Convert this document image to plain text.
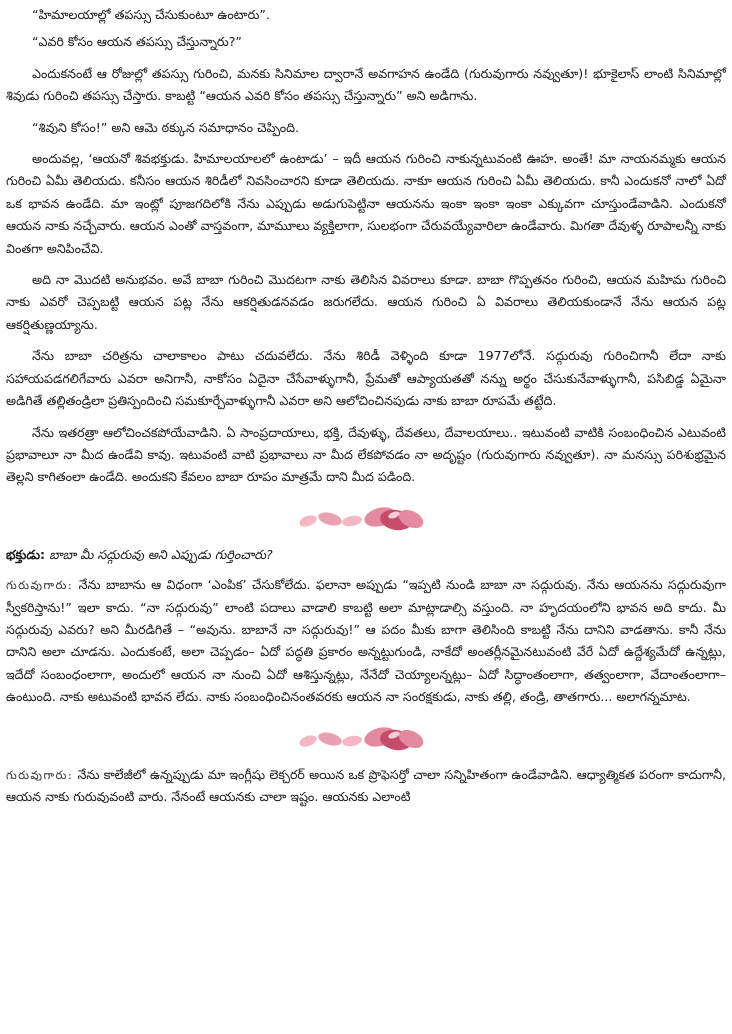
“హిమాలయాల్లో తపస్సు చేసుకుంటూ ఉంటారు”.

“ఎవరి కోసం ఆయన తపస్సు చేస్తున్నారు?”

ఎందుకనంటే ఆ రోజుల్లో తపస్సు గురించి, మనకు సినిమాల ద్వారానే అవగాహన ఉండేది (గురువుగారు నవ్వుతూ)! భూకైలాస్ లాంటి సినిమాల్లో శివుడు గురించి తపస్సు చేస్తారు. కాబట్టి “ఆయన ఎవరి కోసం తపస్సు చేస్తున్నారు” అని అడిగాను.

“శివుని కోసం!” అని ఆమె ఠక్కున సమాధానం చెప్పింది.

అందువల్ల, ‘ఆయనో శివభక్తుడు. హిమాలయాలలో ఉంటాడు’ – ఇదీ ఆయన గురించి నాకున్నటువంటి ఊహ. అంతే! మా నాయనమ్మకు ఆయన గురించి ఏమీ తెలియదు. కనీసం ఆయన శిరిడీలో నివసించారని కూడా తెలియదు. నాకూ ఆయన గురించి ఏమీ తెలియదు. కానీ ఎందుకనో నాలో ఏదో ఒక భావన ఉండేది. మా ఇంట్లో పూజగదిలోకి నేను ఎప్పుడు అడుగుపెట్టినా ఆయనను ఇంకా ఇంకా ఇంకా ఎక్కువగా చూస్తుండేవాడిని. ఎందుకనో ఆయన నాకు నచ్చేవారు. ఆయన ఎంతో వాస్తవంగా, మామూలు వ్యక్తిలాగా, సులభంగా చేరువయ్యేవారిలా ఉండేవారు. మిగతా దేవుళ్ళ రూపాలన్నీ నాకు వింతగా అనిపించేవి.

అది నా మొదటి అనుభవం. అవే బాబా గురించి మొదటగా నాకు తెలిసిన వివరాలు కూడా. బాబా గొప్పతనం గురించి, ఆయన మహిమ గురించి నాకు ఎవరో చెప్పబట్టి ఆయన పట్ల నేను ఆకర్షితుడనవడం జరుగలేదు. ఆయన గురించి ఏ వివరాలు తెలియకుండానే నేను ఆయన పట్ల ఆకర్షితుణ్ణయ్యాను.

నేను బాబా చరిత్రను చాలాకాలం పాటు చదువలేదు. నేను శిరిడీ వెళ్ళింది కూడా 1977లోనే. సద్గురువు గురించిగానీ లేదా నాకు సహాయపడగలిగేవారు ఎవరా అనిగానీ, నాకోసం ఏదైనా చేసేవాళ్ళుగానీ, ప్రేమతో ఆప్యాయతతో నన్ను అర్థం చేసుకునేవాళ్ళుగానీ, పసిబిడ్డ ఏమైనా అడిగితే తల్లితండ్రిలా ప్రతిస్పందించి సమకూర్చేవాళ్ళుగానీ ఎవరా అని ఆలోచించినపుడు నాకు బాబా రూపమే తట్టేది.

నేను ఇతరత్రా ఆలోచించకపోయేవాడిని. ఏ సాంప్రదాయాలు, భక్తి, దేవుళ్ళు, దేవతలు, దేవాలయాలు.. ఇటువంటి వాటికి సంబంధించిన ఎటువంటి ప్రభావాలూ నా మీద ఉండేవి కావు. ఇటువంటి వాటి ప్రభావాలు నా మీద లేకపోవడం నా అదృష్టం (గురువుగారు నవ్వుతూ). నా మనస్సు పరిశుభ్రమైన తెల్లని కాగితంలా ఉండేది. అందుకని కేవలం బాబా రూపం మాత్రమే దాని మీద పడింది.

భక్తుడు: బాబా మీ సద్గురువు అని ఎప్పుడు గుర్తించారు?

గురువుగారు: నేను బాబాను ఆ విధంగా ‘ఎంపిక’ చేసుకోలేదు. ఫలానా అప్పుడు “ఇప్పటి నుండి బాబా నా సద్గురువు. నేను ఆయనను సద్గురువుగా స్వీకరిస్తాను!” ఇలా కాదు. “నా సద్గురువు” లాంటి పదాలు వాడాలి కాబట్టి అలా మాట్లాడాల్సి వస్తుంది. నా హృదయంలోని భావన అది కాదు. మీ సద్గురువు ఎవరు? అని మీరడిగితే – “అవును. బాబానే నా సద్గురువు!” ఆ పదం మీకు బాగా తెలిసింది కాబట్టి నేను దానిని వాడతాను. కానీ నేను దానిని అలా చూడను. ఎందుకంటే, అలా చెప్పడం– ఏదో పద్ధతి ప్రకారం అన్నట్టుగుండి, నాకేదో అంతర్లీనమైనటువంటి వేరే ఏదో ఉద్దేశ్యమేదో ఉన్నట్లు, ఇదేదో సంబంధంలాగా, అందులో ఆయన నా నుంచి ఏదో ఆశిస్తున్నట్లు, నేనేదో చెయ్యాలన్నట్లు– ఏదో సిద్ధాంతంలాగా, తత్వంలాగా, వేదాంతంలాగా– ఉంటుంది. నాకు అటువంటి భావన లేదు. నాకు సంబంధించినంతవరకు ఆయన నా సంరక్షకుడు, నాకు తల్లి, తండ్రి, తాతగారు... అలాగన్నమాట.

గురువుగారు: నేను కాలేజీలో ఉన్నప్పుడు మా ఇంగ్లీషు లెక్చరర్ అయిన ఒక ప్రొఫెసర్తో చాలా సన్నిహితంగా ఉండేవాడిని. ఆధ్యాత్మికత పరంగా కాదుగానీ, ఆయన నాకు గురువువంటి వారు. నేనంటే ఆయనకు చాలా ఇష్టం. ఆయనకు ఎలాంటి
